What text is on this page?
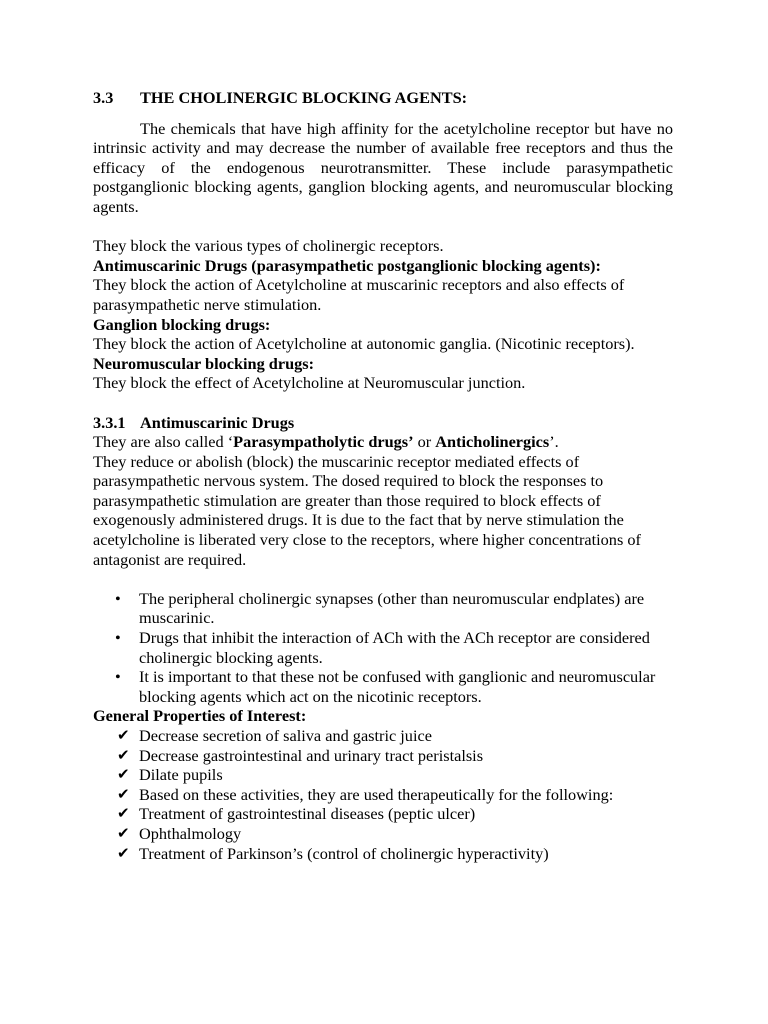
3.3 THE CHOLINERGIC BLOCKING AGENTS:

The chemicals that have high affinity for the acetylcholine receptor but have no intrinsic activity and may decrease the number of available free receptors and thus the efficacy of the endogenous neurotransmitter. These include parasympathetic postganglionic blocking agents, ganglion blocking agents, and neuromuscular blocking agents.

They block the various types of cholinergic receptors.

Antimuscarinic Drugs (parasympathetic postganglionic blocking agents):

They block the action of Acetylcholine at muscarinic receptors and also effects of parasympathetic nerve stimulation.

Ganglion blocking drugs:

They block the action of Acetylcholine at autonomic ganglia. (Nicotinic receptors).

Neuromuscular blocking drugs:

They block the effect of Acetylcholine at Neuromuscular junction.

3.3.1 Antimuscarinic Drugs

They are also called ‘Parasympatholytic drugs’ or Anticholinergics’.

They reduce or abolish (block) the muscarinic receptor mediated effects of parasympathetic nervous system. The dosed required to block the responses to parasympathetic stimulation are greater than those required to block effects of exogenously administered drugs. It is due to the fact that by nerve stimulation the acetylcholine is liberated very close to the receptors, where higher concentrations of antagonist are required.

• The peripheral cholinergic synapses (other than neuromuscular endplates) are muscarinic.
• Drugs that inhibit the interaction of ACh with the ACh receptor are considered cholinergic blocking agents.
• It is important to that these not be confused with ganglionic and neuromuscular blocking agents which act on the nicotinic receptors.

General Properties of Interest:

✔ Decrease secretion of saliva and gastric juice
✔ Decrease gastrointestinal and urinary tract peristalsis
✔ Dilate pupils
✔ Based on these activities, they are used therapeutically for the following:
✔ Treatment of gastrointestinal diseases (peptic ulcer)
✔ Ophthalmology
✔ Treatment of Parkinson’s (control of cholinergic hyperactivity)
